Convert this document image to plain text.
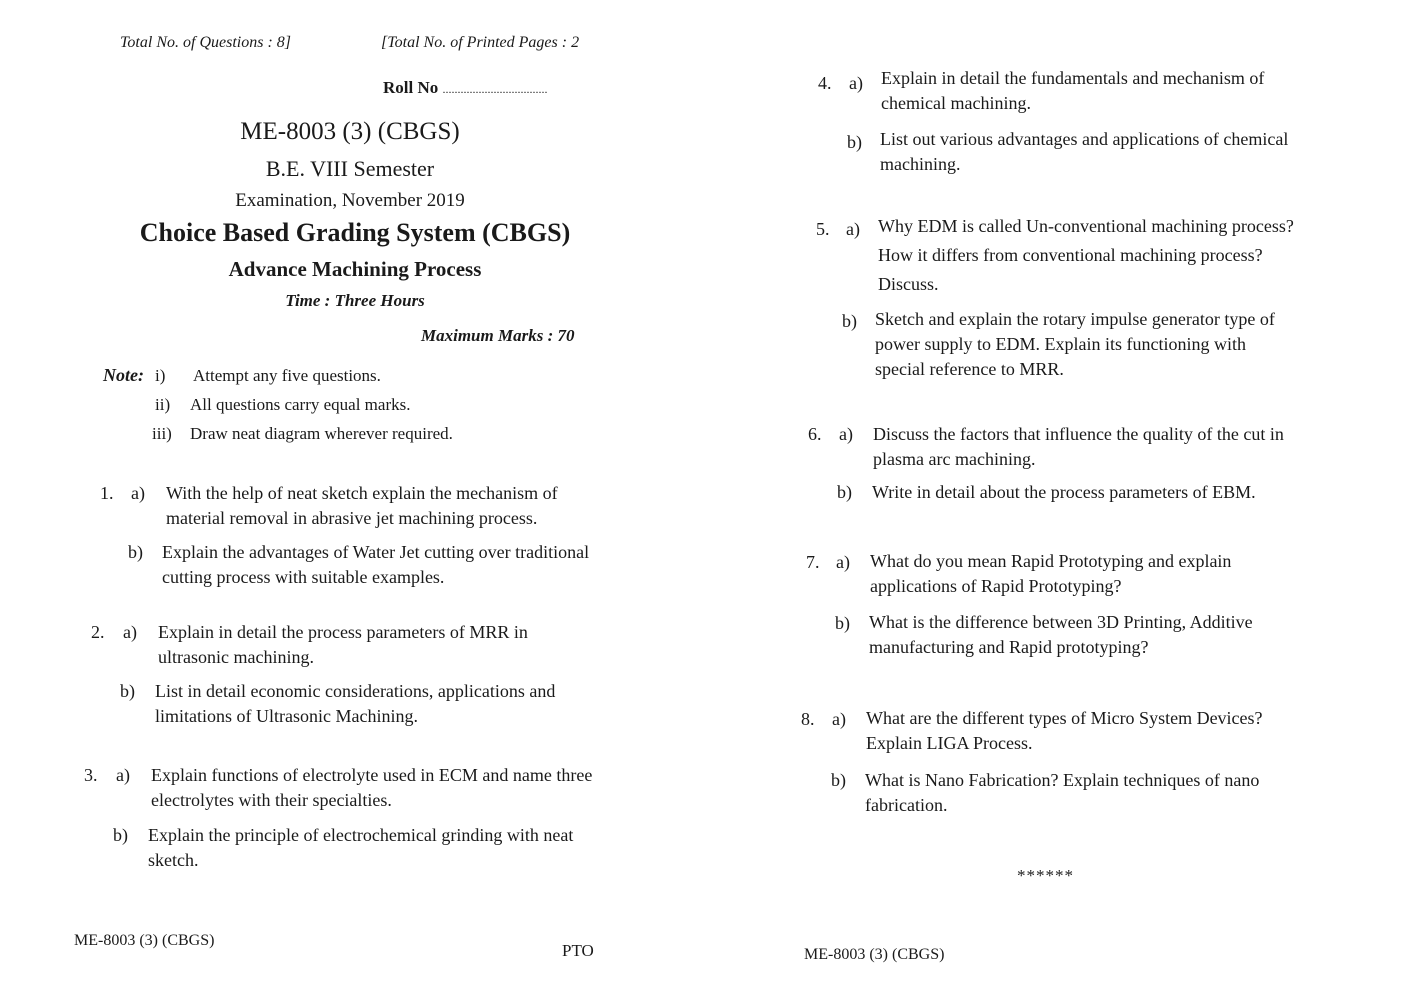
Total No. of Questions : 8]	[Total No. of Printed Pages : 2
Roll No ...................................
ME-8003 (3) (CBGS)
B.E. VIII Semester
Examination, November 2019
Choice Based Grading System (CBGS)
Advance Machining Process
Time : Three Hours
Maximum Marks : 70
Note: i) Attempt any five questions.
ii) All questions carry equal marks.
iii) Draw neat diagram wherever required.
1. a) With the help of neat sketch explain the mechanism of material removal in abrasive jet machining process.
b) Explain the advantages of Water Jet cutting over traditional cutting process with suitable examples.
2. a) Explain in detail the process parameters of MRR in ultrasonic machining.
b) List in detail economic considerations, applications and limitations of Ultrasonic Machining.
3. a) Explain functions of electrolyte used in ECM and name three electrolytes with their specialties.
b) Explain the principle of electrochemical grinding with neat sketch.
ME-8003 (3) (CBGS)
PTO
4. a) Explain in detail the fundamentals and mechanism of chemical machining.
b) List out various advantages and applications of chemical machining.
5. a) Why EDM is called Un-conventional machining process? How it differs from conventional machining process? Discuss.
b) Sketch and explain the rotary impulse generator type of power supply to EDM. Explain its functioning with special reference to MRR.
6. a) Discuss the factors that influence the quality of the cut in plasma arc machining.
b) Write in detail about the process parameters of EBM.
7. a) What do you mean Rapid Prototyping and explain applications of Rapid Prototyping?
b) What is the difference between 3D Printing, Additive manufacturing and Rapid prototyping?
8. a) What are the different types of Micro System Devices? Explain LIGA Process.
b) What is Nano Fabrication? Explain techniques of nano fabrication.
******
ME-8003 (3) (CBGS)
